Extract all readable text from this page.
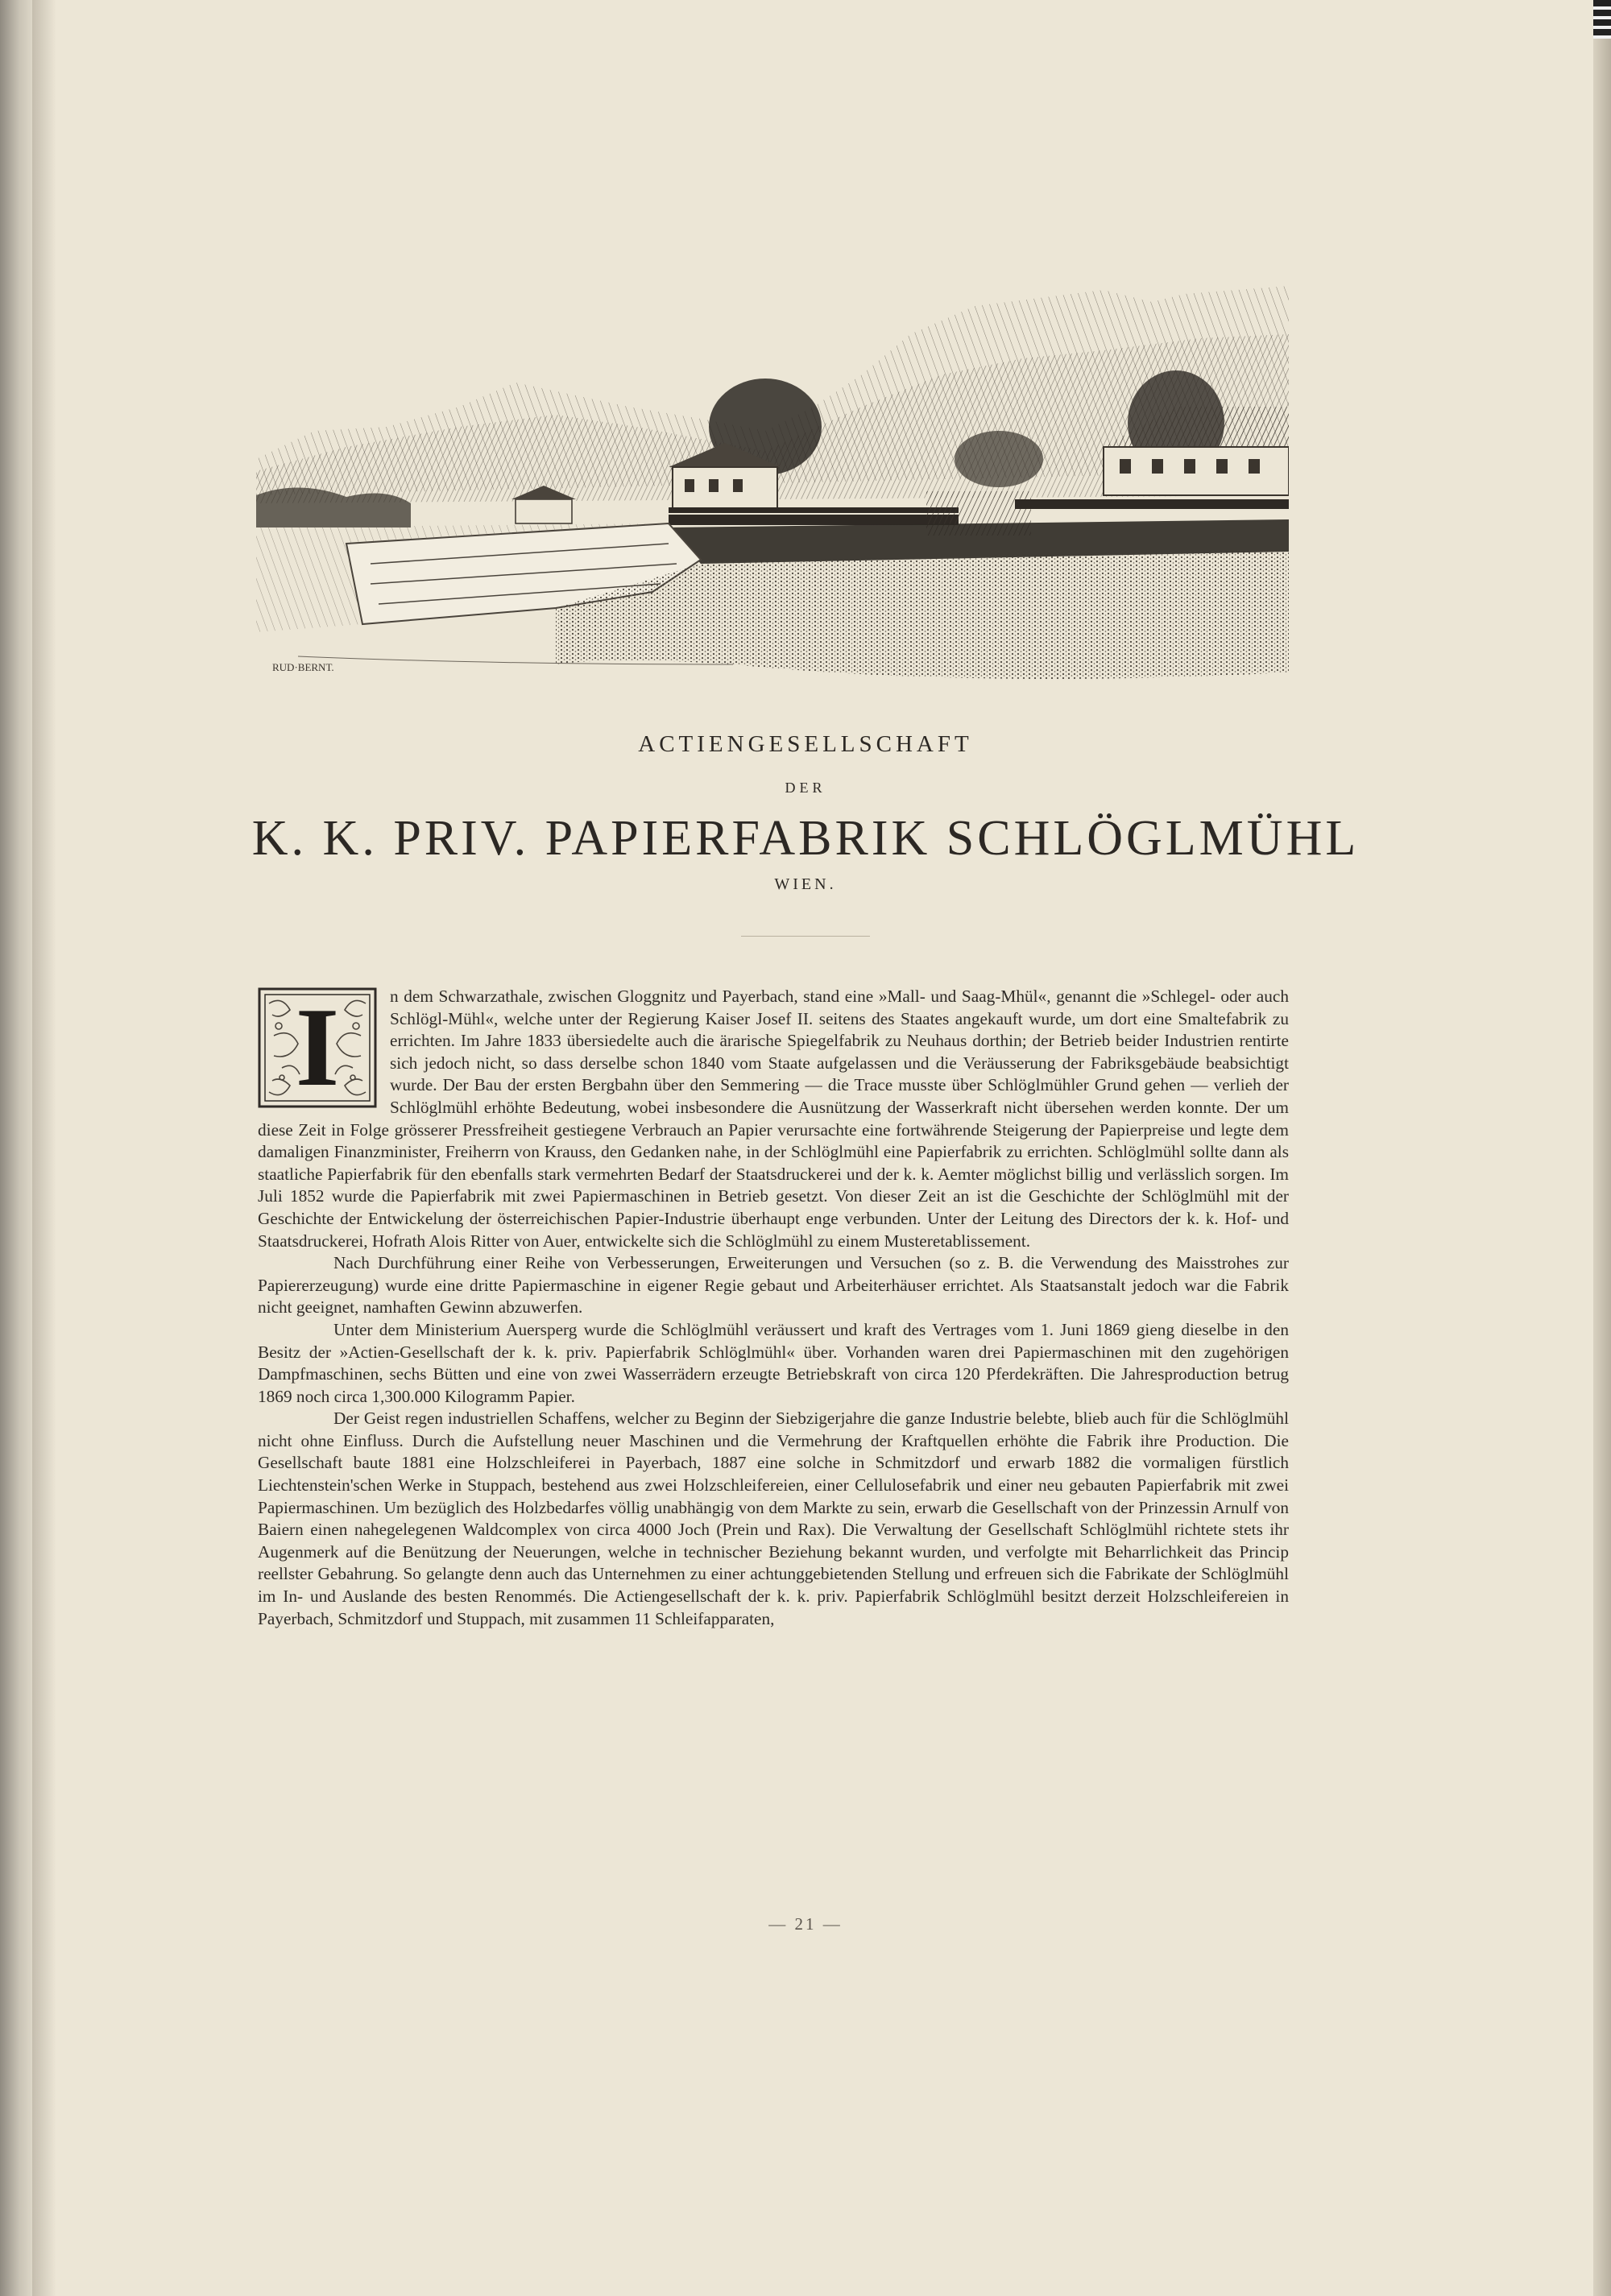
RUD·BERNT.
ACTIENGESELLSCHAFT
DER
K. K. PRIV. PAPIERFABRIK SCHLÖGLMÜHL
WIEN.
I	n dem Schwarzathale, zwischen Gloggnitz und Payerbach, stand eine »Mall- und Saag-Mhül«, genannt die »Schlegel- oder auch Schlögl-Mühl«, welche unter der Regierung Kaiser Josef II. seitens des Staates angekauft wurde, um dort eine Smaltefabrik zu errichten. Im Jahre 1833 übersiedelte auch die ärarische Spiegelfabrik zu Neuhaus dorthin; der Betrieb beider Industrien rentirte sich jedoch nicht, so dass derselbe schon 1840 vom Staate aufgelassen und die Veräusserung der Fabriksgebäude beabsichtigt wurde. Der Bau der ersten Bergbahn über den Semmering — die Trace musste über Schlöglmühler Grund gehen — verlieh der Schlöglmühl erhöhte Bedeutung, wobei insbesondere die Ausnützung der Wasserkraft nicht übersehen werden konnte. Der um diese Zeit in Folge grösserer Pressfreiheit gestiegene Verbrauch an Papier verursachte eine fortwährende Steigerung der Papierpreise und legte dem damaligen Finanzminister, Freiherrn von Krauss, den Gedanken nahe, in der Schlöglmühl eine Papierfabrik zu errichten. Schlöglmühl sollte dann als staatliche Papierfabrik für den ebenfalls stark vermehrten Bedarf der Staatsdruckerei und der k. k. Aemter möglichst billig und verlässlich sorgen. Im Juli 1852 wurde die Papierfabrik mit zwei Papiermaschinen in Betrieb gesetzt. Von dieser Zeit an ist die Geschichte der Schlöglmühl mit der Geschichte der Entwickelung der österreichischen Papier-Industrie überhaupt enge verbunden. Unter der Leitung des Directors der k. k. Hof- und Staatsdruckerei, Hofrath Alois Ritter von Auer, entwickelte sich die Schlöglmühl zu einem Musteretablissement.

Nach Durchführung einer Reihe von Verbesserungen, Erweiterungen und Versuchen (so z. B. die Verwendung des Maisstrohes zur Papiererzeugung) wurde eine dritte Papiermaschine in eigener Regie gebaut und Arbeiterhäuser errichtet. Als Staatsanstalt jedoch war die Fabrik nicht geeignet, namhaften Gewinn abzuwerfen.

Unter dem Ministerium Auersperg wurde die Schlöglmühl veräussert und kraft des Vertrages vom 1. Juni 1869 gieng dieselbe in den Besitz der »Actien-Gesellschaft der k. k. priv. Papierfabrik Schlöglmühl« über. Vorhanden waren drei Papiermaschinen mit den zugehörigen Dampfmaschinen, sechs Bütten und eine von zwei Wasserrädern erzeugte Betriebskraft von circa 120 Pferdekräften. Die Jahresproduction betrug 1869 noch circa 1,300.000 Kilogramm Papier.

Der Geist regen industriellen Schaffens, welcher zu Beginn der Siebzigerjahre die ganze Industrie belebte, blieb auch für die Schlöglmühl nicht ohne Einfluss. Durch die Aufstellung neuer Maschinen und die Vermehrung der Kraftquellen erhöhte die Fabrik ihre Production. Die Gesellschaft baute 1881 eine Holzschleiferei in Payerbach, 1887 eine solche in Schmitzdorf und erwarb 1882 die vormaligen fürstlich Liechtenstein'schen Werke in Stuppach, bestehend aus zwei Holzschleifereien, einer Cellulosefabrik und einer neu gebauten Papierfabrik mit zwei Papiermaschinen. Um bezüglich des Holzbedarfes völlig unabhängig von dem Markte zu sein, erwarb die Gesellschaft von der Prinzessin Arnulf von Baiern einen nahegelegenen Waldcomplex von circa 4000 Joch (Prein und Rax). Die Verwaltung der Gesellschaft Schlöglmühl richtete stets ihr Augenmerk auf die Benützung der Neuerungen, welche in technischer Beziehung bekannt wurden, und verfolgte mit Beharrlichkeit das Princip reellster Gebahrung. So gelangte denn auch das Unternehmen zu einer achtunggebietenden Stellung und erfreuen sich die Fabrikate der Schlöglmühl im In- und Auslande des besten Renommés. Die Actiengesellschaft der k. k. priv. Papierfabrik Schlöglmühl besitzt derzeit Holzschleifereien in Payerbach, Schmitzdorf und Stuppach, mit zusammen 11 Schleifapparaten,

— 21 —
